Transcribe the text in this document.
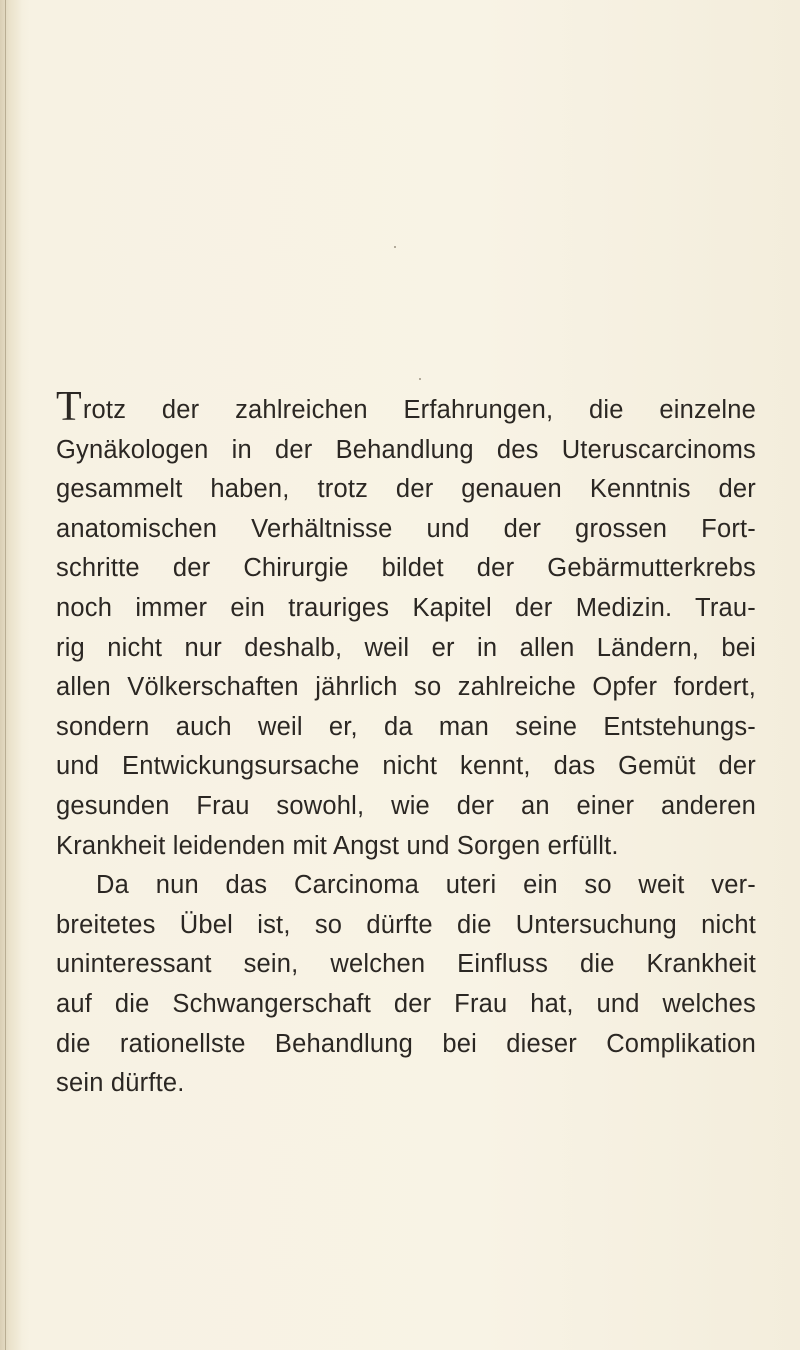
Trotz der zahlreichen Erfahrungen, die einzelne
Gynäkologen in der Behandlung des Uteruscarcinoms
gesammelt haben, trotz der genauen Kenntnis der
anatomischen Verhältnisse und der grossen Fort-
schritte der Chirurgie bildet der Gebärmutterkrebs
noch immer ein trauriges Kapitel der Medizin. Trau-
rig nicht nur deshalb, weil er in allen Ländern, bei
allen Völkerschaften jährlich so zahlreiche Opfer fordert,
sondern auch weil er, da man seine Entstehungs-
und Entwickungsursache nicht kennt, das Gemüt der
gesunden Frau sowohl, wie der an einer anderen
Krankheit leidenden mit Angst und Sorgen erfüllt.
Da nun das Carcinoma uteri ein so weit ver-
breitetes Übel ist, so dürfte die Untersuchung nicht
uninteressant sein, welchen Einfluss die Krankheit
auf die Schwangerschaft der Frau hat, und welches
die rationellste Behandlung bei dieser Complikation
sein dürfte.
